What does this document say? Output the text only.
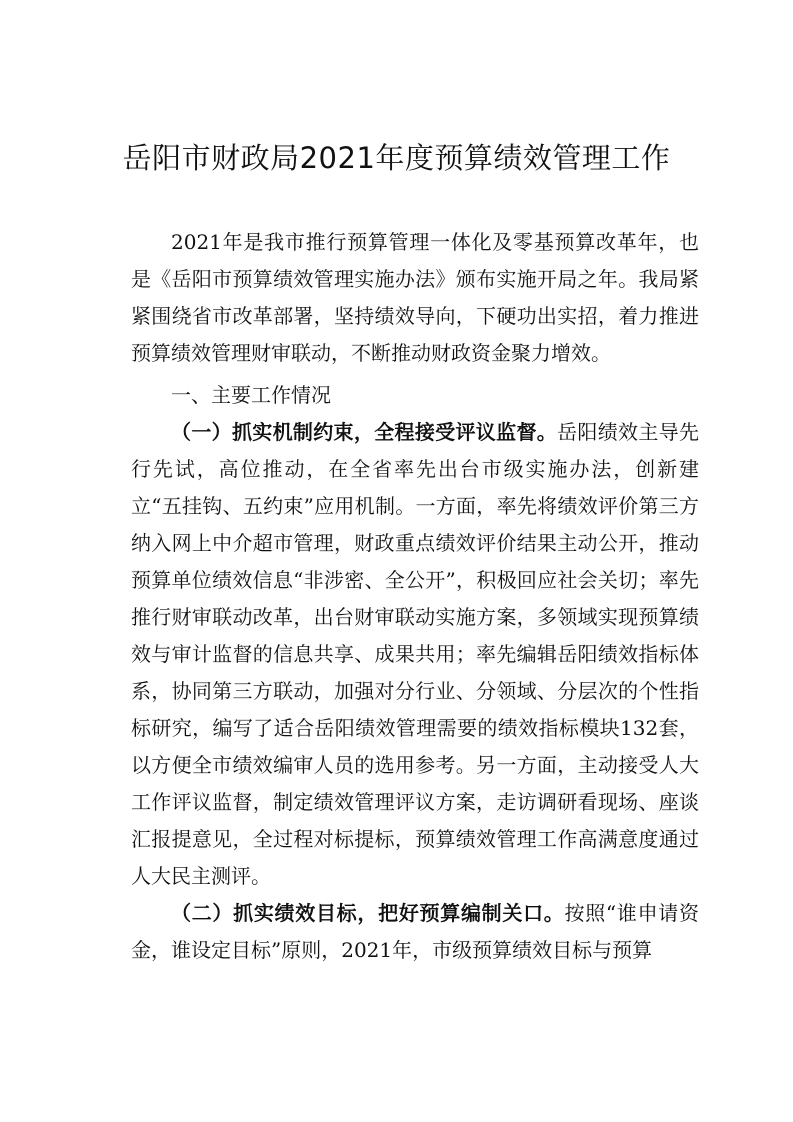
岳阳市财政局2021年度预算绩效管理工作

2021年是我市推行预算管理一体化及零基预算改革年，也是《岳阳市预算绩效管理实施办法》颁布实施开局之年。我局紧紧围绕省市改革部署，坚持绩效导向，下硬功出实招，着力推进预算绩效管理财审联动，不断推动财政资金聚力增效。

一、主要工作情况

（一）抓实机制约束，全程接受评议监督。岳阳绩效主导先行先试，高位推动，在全省率先出台市级实施办法，创新建立“五挂钩、五约束”应用机制。一方面，率先将绩效评价第三方纳入网上中介超市管理，财政重点绩效评价结果主动公开，推动预算单位绩效信息“非涉密、全公开”，积极回应社会关切；率先推行财审联动改革，出台财审联动实施方案，多领域实现预算绩效与审计监督的信息共享、成果共用；率先编辑岳阳绩效指标体系，协同第三方联动，加强对分行业、分领域、分层次的个性指标研究，编写了适合岳阳绩效管理需要的绩效指标模块132套，以方便全市绩效编审人员的选用参考。另一方面，主动接受人大工作评议监督，制定绩效管理评议方案，走访调研看现场、座谈汇报提意见，全过程对标提标，预算绩效管理工作高满意度通过人大民主测评。

（二）抓实绩效目标，把好预算编制关口。按照“谁申请资金，谁设定目标”原则，2021年，市级预算绩效目标与预算
